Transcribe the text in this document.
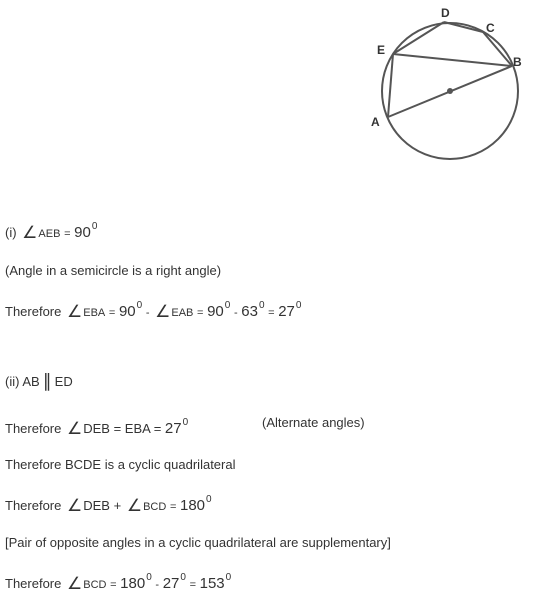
D
C
B
E
A
(i) ∠AEB = $90^0$
(Angle in a semicircle is a right angle)
Therefore ∠EBA = $90^0$ - ∠EAB = $90^0 - 63^0 = 27^0$
(ii) AB ∥ ED
Therefore ∠DEB = EBA = $27^0$	(Alternate angles)
Therefore BCDE is a cyclic quadrilateral
Therefore ∠DEB + ∠BCD = $180^0$
[Pair of opposite angles in a cyclic quadrilateral are supplementary]
Therefore ∠BCD = $180^0 - 27^0 = 153^0$
